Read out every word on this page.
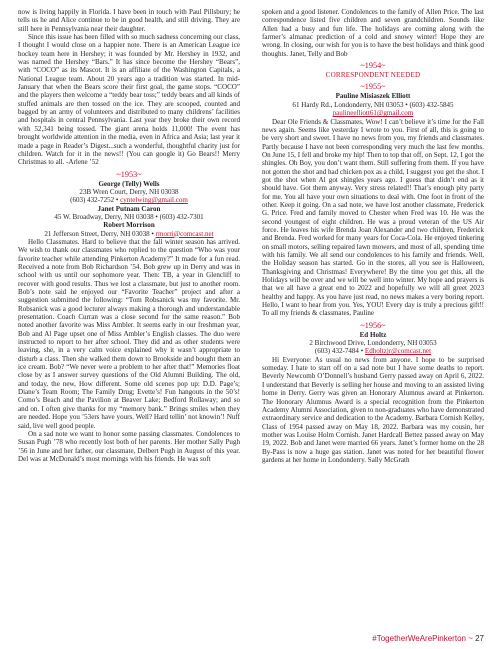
now is living happily in Florida. I have been in touch with Paul Pillsbury; he tells us he and Alice continue to be in good health, and still driving. They are still here in Pennsylvania near their daughter.

Since this issue has been filled with so much sadness concerning our class, I thought I would close on a happier note. There is an American League ice hockey team here in Hershey; it was founded by Mr. Hershey in 1932, and was named the Hershey “Bars.” It has since become the Hershey “Bears”, with “COCO” as its Mascot. It is an affiliate of the Washington Capitals, a National League team. About 20 years ago a tradition was started. In mid-January that when the Bears score their first goal, the game stops. “COCO” and the players then welcome a “teddy bear toss;” teddy bears and all kinds of stuffed animals are then tossed on the ice. They are scooped, counted and bagged by an army of volunteers and distributed to many childrens’ facilities and hospitals in central Pennsylvania. Last year they broke their own record with 52,341 being tossed. The giant arena holds 11,000! The event has brought worldwide attention in the media, even in Africa and Asia; last year it made a page in Reader’s Digest...such a wonderful, thoughtful charity just for children. Watch for it in the news!! (You can google it) Go Bears!! Merry Christmas to all. -Arlene ’52

~1953~
George (Telly) Wells
23B Wren Court, Derry, NH 03038
(603) 432-7252 • cyntelwing@gmail.com
Janet Putnam Caron
45 W. Broadway, Derry, NH 03038 • (603) 432-7301
Robert Morrison
21 Jefferson Street, Derry, NH 03038 • rmorri@comcast.net

Hello Classmates. Hard to believe that the fall winter season has arrived. We wish to thank our classmates who replied to the question “Who was your favorite teacher while attending Pinkerton Academy?” It made for a fun read. Received a note from Bob Richardson ’54. Bob grew up in Derry and was in school with us until our sophomore year. Then: TB, a year in Glencliff to recover with good results. Thus we lost a classmate, but just to another room. Bob’s note said he enjoyed our “Favorite Teacher” project and after a suggestion submitted the following: “Tom Robsanick was my favorite. Mr. Robsanick was a good lecturer always making a thorough and understandable presentation. Coach Curran was a close second for the same reason.” Bob noted another favorite was Miss Ambler. It seems early in our freshman year, Bob and Al Page upset one of Miss Ambler’s English classes. The duo were instructed to report to her after school. They did and as other students were leaving, she, in a very calm voice explained why it wasn’t appropriate to disturb a class. Then she walked them down to Brookside and bought them an ice cream. Bob? “We never were a problem to her after that!” Memories float close by as I answer survey questions of the Old Alumni Building. The old, and today, the new, How different. Some old scenes pop up: D.D. Page’s; Diane’s Team Room; The Family Drug; Evette’s! Fun hangouts in the 50’s! Como’s Beach and the Pavilion at Beaver Lake; Bedford Rollaway; and so and on. I often give thanks for my “memory bank.” Brings smiles when they are needed. Hope you ’53ers have yours. Well? Hard tellin’ not knowin’! Nuff said, live well good people.

On a sad note we want to honor some passing classmates. Condolences to Susan Pugh ’78 who recently lost both of her parents. Her mother Sally Pugh ’56 in June and her father, our classmate, Delbert Pugh in August of this year. Del was at McDonald’s most mornings with his friends. He was soft

spoken and a good listener. Condolences to the family of Allen Price. The last correspondence listed five children and seven grandchildren. Sounds like Allen had a busy and fun life. The holidays are coming along with the farmer’s almanac prediction of a cold and snowy winter! Hope they are wrong. In closing, our wish for you is to have the best holidays and think good thoughts. Janet, Telly and Bob

~1954~
CORRESPONDENT NEEDED
~1955~
Pauline Misiaszek Elliott
61 Hardy Rd., Londonderry, NH 03053 • (603) 432-5845
paulineelliott61@gmail.com

Dear Ole Friends & Classmates, Wow! I can’t believe it’s time for the Fall news again. Seems like yesterday I wrote to you. First of all, this is going to be very short and sweet. I have no news from you, my friends and classmates. Partly because I have not been corresponding very much the last few months. On June 15, I fell and broke my hip! Then to top that off, on Sept. 12, I got the shingles. Oh Boy, you don’t want them. Still suffering from them. If you have not gotten the shot and had chicken pox as a child, I suggest you get the shot. I got the shot when Al got shingles years ago. I guess that didn’t end as it should have. Got them anyway. Very stress related!! That’s enough pity party for me. You all have your own situations to deal with. One foot in front of the other. Keep it going. On a sad note, we have lost another classmate, Frederick G. Price. Fred and family moved to Chester when Fred was 10. He was the second youngest of eight children. He was a proud veteran of the US Air force. He leaves his wife Brenda Joan Alexander and two children, Frederick and Brenda. Fred worked for many years for Coca-Cola. He enjoyed tinkering on small motors, selling repaired lawn mowers, and most of all, spending time with his family. We all send our condolences to his family and friends. Well, the Holiday season has started. Go in the stores, all you see is Halloween, Thanksgiving and Christmas! Everywhere! By the time you get this, all the Holidays will be over and we will be well into winter. My hope and prayers is that we all have a great end to 2022 and hopefully we will all greet 2023 healthy and happy. As you have just read, no news makes a very boring report. Hello, I want to hear from you. Yes, YOU! Every day is truly a precious gift!! To all my friends & classmates, Pauline

~1956~
Ed Holtz
2 Birchwood Drive, Londonderry, NH 03053
(603) 432-7484 • Edholtzjr@comcast.net

Hi Everyone: As usual no news from anyone. I hope to be surprised someday. I hate to start off on a sad note but I have some deaths to report. Beverly Newcomb O’Donnell’s husband Gerry passed away on April 6, 2022. I understand that Beverly is selling her house and moving to an assisted living home in Derry. Gerry was given an Honorary Alumnus award at Pinkerton. The Honorary Alumnus Award is a special recognition from the Pinkerton Academy Alumni Association, given to non-graduates who have demonstrated extraordinary service and dedication to the Academy. Barbara Cornish Kelley, Class of 1954 passed away on May 18, 2022. Barbara was my cousin, her mother was Louise Holm Cornish. Janet Hardcall Bettez passed away on May 19, 2022. Bob and Janet were married 66 years. Janet’s former home on the 28 By-Pass is now a huge gas station. Janet was noted for her beautiful flower gardens at her home in Londonderry. Sally McGrath

#TogetherWeArePinkerton ~ 27
